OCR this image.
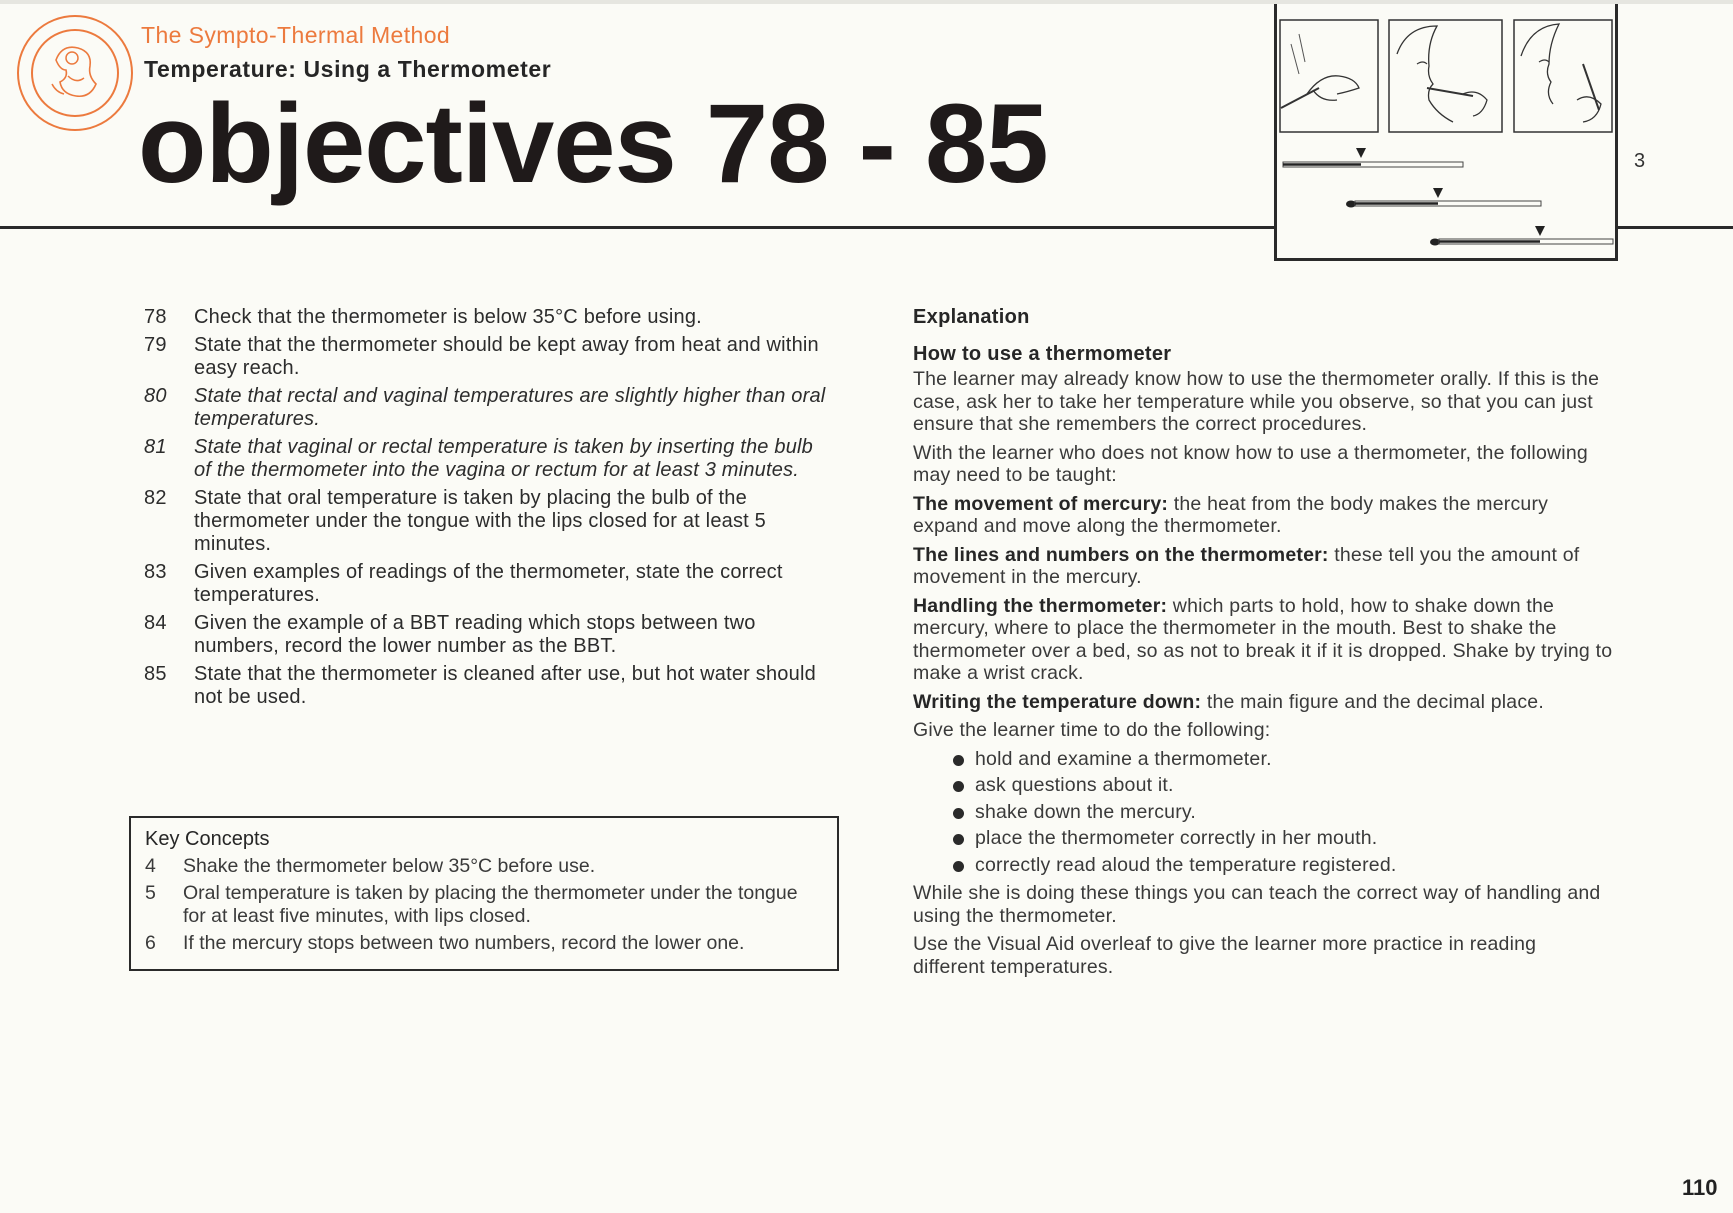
The Sympto-Thermal Method
Temperature: Using a Thermometer
objectives 78 - 85	3
78	Check that the thermometer is below 35°C before using.
79	State that the thermometer should be kept away from heat and within easy reach.
80	State that rectal and vaginal temperatures are slightly higher than oral temperatures.
81	State that vaginal or rectal temperature is taken by inserting the bulb of the thermometer into the vagina or rectum for at least 3 minutes.
82	State that oral temperature is taken by placing the bulb of the thermometer under the tongue with the lips closed for at least 5 minutes.
83	Given examples of readings of the thermometer, state the correct temperatures.
84	Given the example of a BBT reading which stops between two numbers, record the lower number as the BBT.
85	State that the thermometer is cleaned after use, but hot water should not be used.
Key Concepts
4	Shake the thermometer below 35°C before use.
5	Oral temperature is taken by placing the thermometer under the tongue for at least five minutes, with lips closed.
6	If the mercury stops between two numbers, record the lower one.
Explanation
How to use a thermometer
The learner may already know how to use the thermometer orally. If this is the case, ask her to take her temperature while you observe, so that you can just ensure that she remembers the correct procedures.
With the learner who does not know how to use a thermometer, the following may need to be taught:
The movement of mercury: the heat from the body makes the mercury expand and move along the thermometer.
The lines and numbers on the thermometer: these tell you the amount of movement in the mercury.
Handling the thermometer: which parts to hold, how to shake down the mercury, where to place the thermometer in the mouth. Best to shake the thermometer over a bed, so as not to break it if it is dropped. Shake by trying to make a wrist crack.
Writing the temperature down: the main figure and the decimal place.
Give the learner time to do the following:
hold and examine a thermometer.
ask questions about it.
shake down the mercury.
place the thermometer correctly in her mouth.
correctly read aloud the temperature registered.
While she is doing these things you can teach the correct way of handling and using the thermometer.
Use the Visual Aid overleaf to give the learner more practice in reading different temperatures.
110
